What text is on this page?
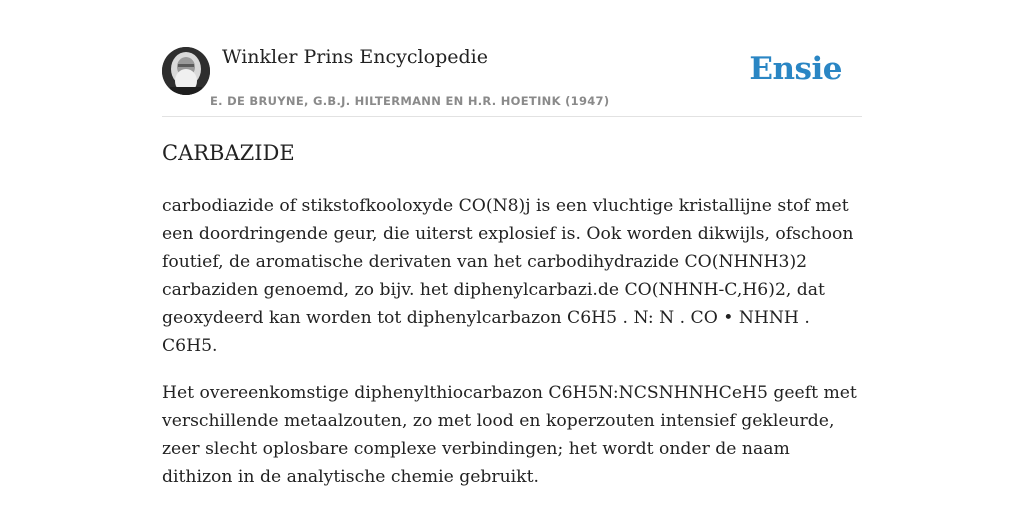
Winkler Prins Encyclopedie
E. DE BRUYNE, G.B.J. HILTERMANN EN H.R. HOETINK (1947)
Ensie
CARBAZIDE

carbodiazide of stikstofkooloxyde CO(N8)j is een vluchtige kristallijne stof met een doordringende geur, die uiterst explosief is. Ook worden dikwijls, ofschoon foutief, de aromatische derivaten van het carbodihydrazide CO(NHNH3)2 carbaziden genoemd, zo bijv. het diphenylcarbazi.de CO(NHNH-C,H6)2, dat geoxydeerd kan worden tot diphenylcarbazon C6H5 . N: N . CO • NHNH . C6H5.

Het overeenkomstige diphenylthiocarbazon C6H5N:NCSNHNHCeH5 geeft met verschillende metaalzouten, zo met lood en koperzouten intensief gekleurde, zeer slecht oplosbare complexe verbindingen; het wordt onder de naam dithizon in de analytische chemie gebruikt.
